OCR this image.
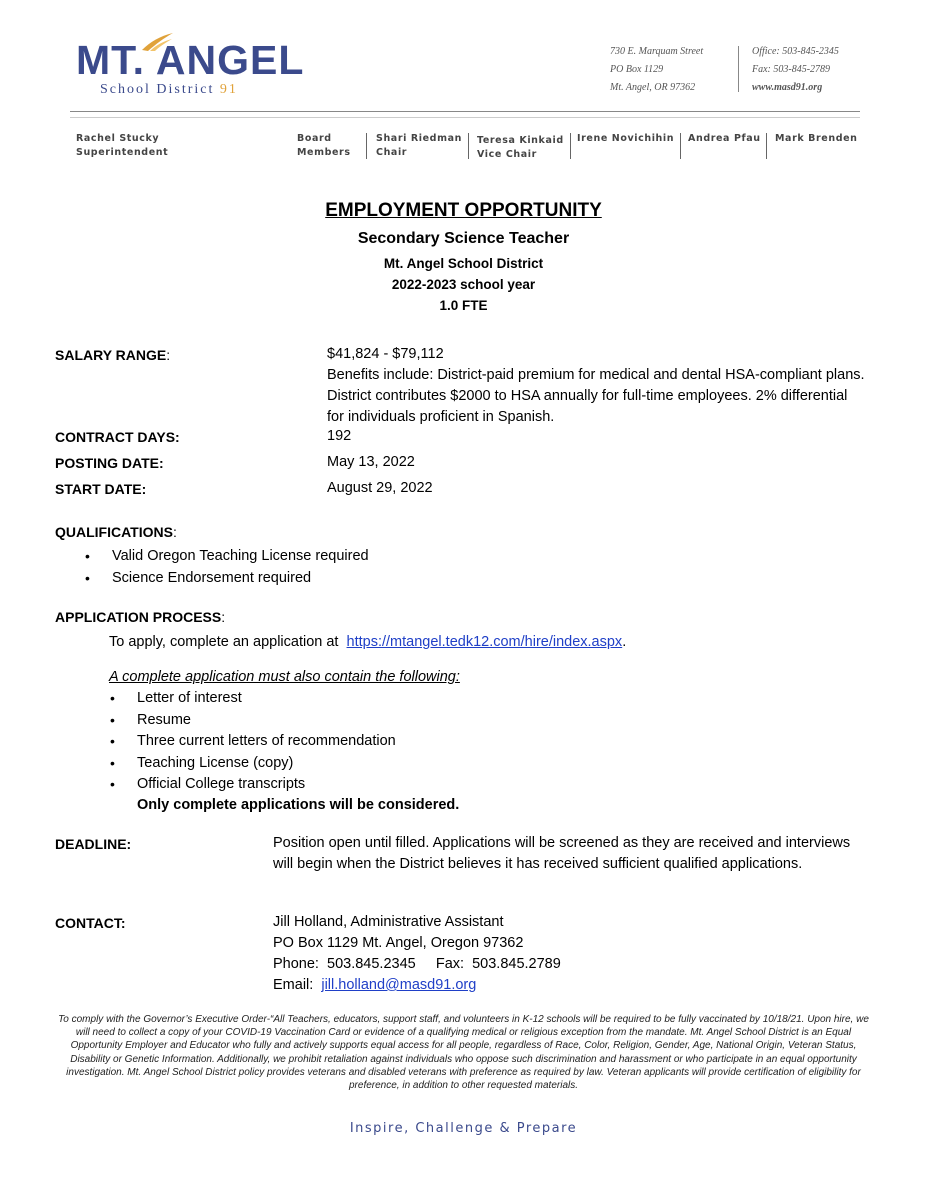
MT. ANGEL
School District 91
730 E. Marquam Street
PO Box 1129
Mt. Angel, OR 97362
Office: 503-845-2345
Fax: 503-845-2789
www.masd91.org
Rachel Stucky
Superintendent
Board
Members
Shari Riedman
Chair
Teresa Kinkaid
Vice Chair
Irene Novichihin Andrea Pfau Mark Brenden
EMPLOYMENT OPPORTUNITY
Secondary Science Teacher
Mt. Angel School District
2022-2023 school year
1.0 FTE
SALARY RANGE:	$41,824 - $79,112
Benefits include: District-paid premium for medical and dental HSA-compliant plans. District contributes $2000 to HSA annually for full-time employees. 2% differential for individuals proficient in Spanish.
CONTRACT DAYS:	192
POSTING DATE:	May 13, 2022
START DATE:	August 29, 2022
QUALIFICATIONS:
• Valid Oregon Teaching License required
• Science Endorsement required
APPLICATION PROCESS:
To apply, complete an application at https://mtangel.tedk12.com/hire/index.aspx.
A complete application must also contain the following:
• Letter of interest
• Resume
• Three current letters of recommendation
• Teaching License (copy)
• Official College transcripts
Only complete applications will be considered.
DEADLINE:	Position open until filled. Applications will be screened as they are received and interviews will begin when the District believes it has received sufficient qualified applications.
CONTACT:	Jill Holland, Administrative Assistant
PO Box 1129 Mt. Angel, Oregon 97362
Phone:  503.845.2345     Fax:  503.845.2789
Email: jill.holland@masd91.org
To comply with the Governor’s Executive Order-“All Teachers, educators, support staff, and volunteers in K-12 schools will be required to be fully vaccinated by 10/18/21. Upon hire, we will need to collect a copy of your COVID-19 Vaccination Card or evidence of a qualifying medical or religious exception from the mandate. Mt. Angel School District is an Equal Opportunity Employer and Educator who fully and actively supports equal access for all people, regardless of Race, Color, Religion, Gender, Age, National Origin, Veteran Status, Disability or Genetic Information. Additionally, we prohibit retaliation against individuals who oppose such discrimination and harassment or who participate in an equal opportunity investigation. Mt. Angel School District policy provides veterans and disabled veterans with preference as required by law. Veteran applicants will provide certification of eligibility for preference, in addition to other requested materials.
Inspire, Challenge & Prepare
